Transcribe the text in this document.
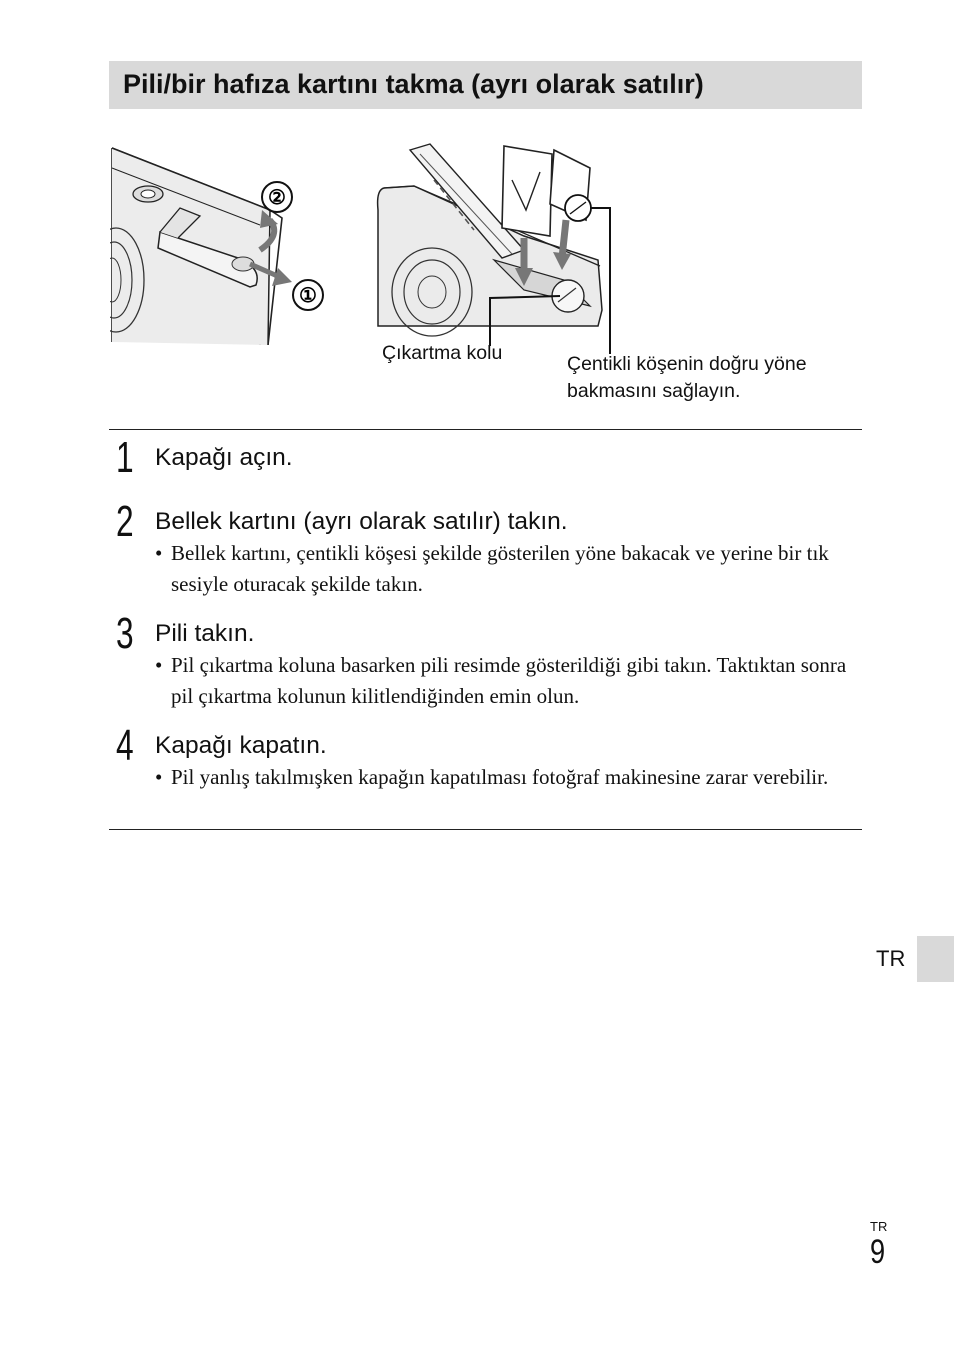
Pili/bir hafıza kartını takma (ayrı olarak satılır)
②
①
Çıkartma kolu	Çentikli köşenin doğru yöne
bakmasını sağlayın.
1 Kapağı açın.
2 Bellek kartını (ayrı olarak satılır) takın.
• Bellek kartını, çentikli köşesi şekilde gösterilen yöne bakacak ve yerine bir tık sesiyle oturacak şekilde takın.
3 Pili takın.
• Pil çıkartma koluna basarken pili resimde gösterildiği gibi takın. Taktıktan sonra pil çıkartma kolunun kilitlendiğinden emin olun.
4 Kapağı kapatın.
• Pil yanlış takılmışken kapağın kapatılması fotoğraf makinesine zarar verebilir.
TR
TR
9
